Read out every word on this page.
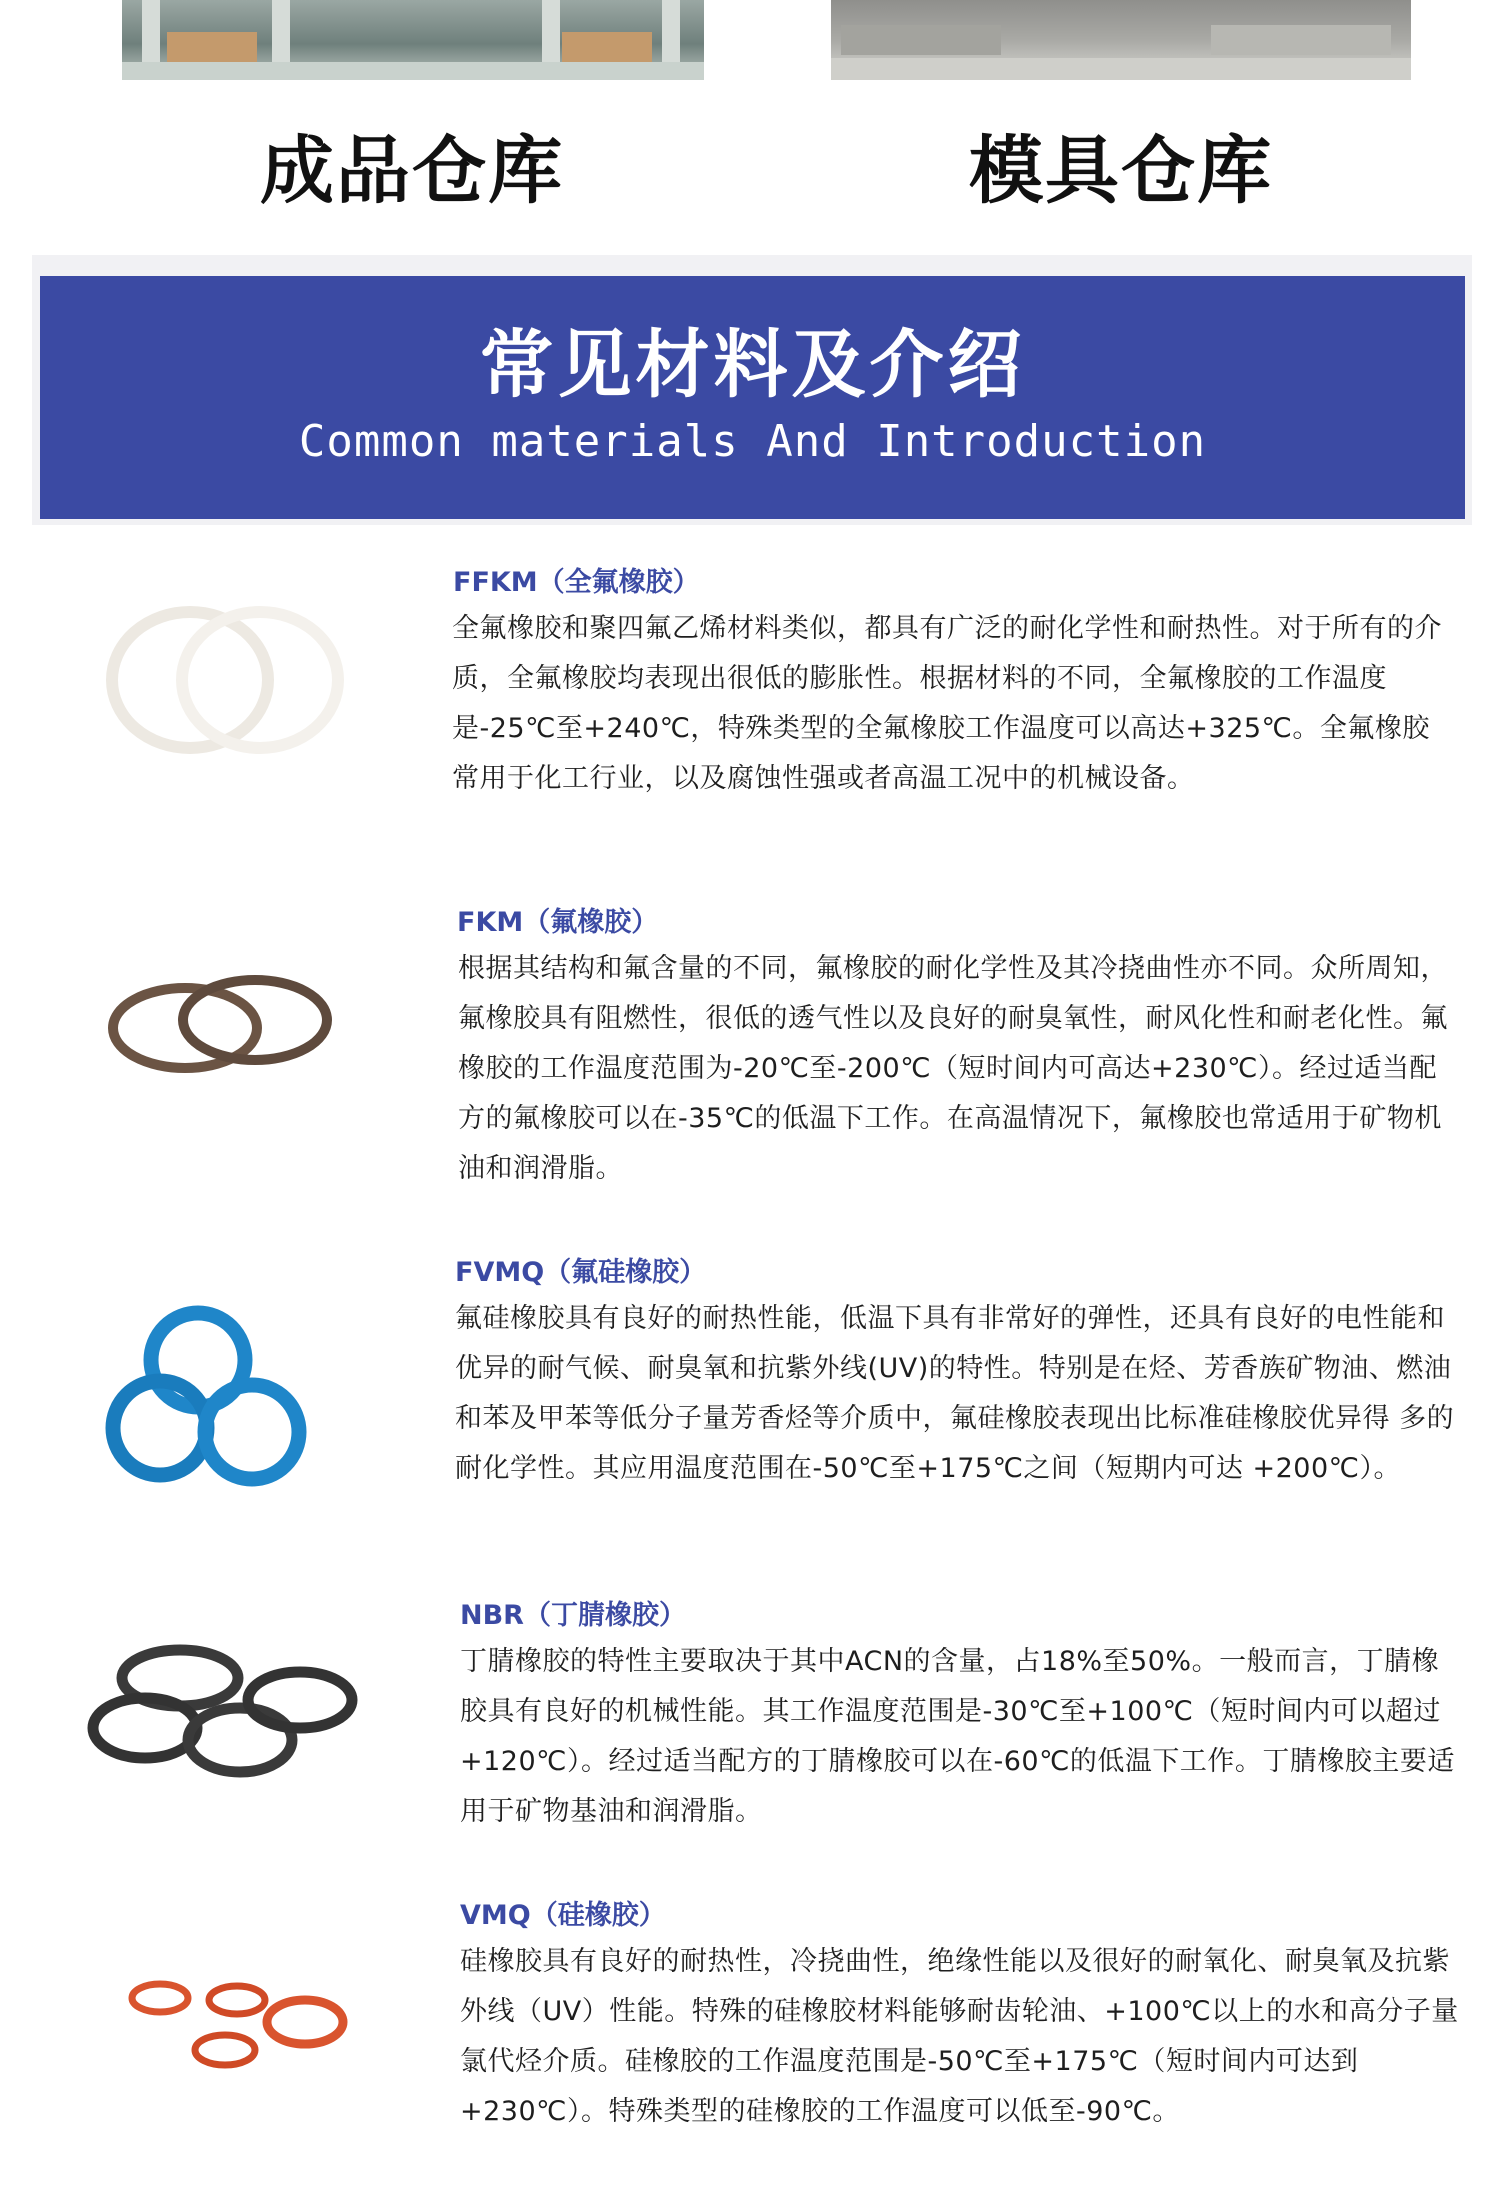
成品仓库	模具仓库
常见材料及介绍
Common materials And Introduction
FFKM（全氟橡胶）
全氟橡胶和聚四氟乙烯材料类似，都具有广泛的耐化学性和耐热性。对于所有的介质，全氟橡胶均表现出很低的膨胀性。根据材料的不同，全氟橡胶的工作温度是-25℃至+240℃，特殊类型的全氟橡胶工作温度可以高达+325℃。全氟橡胶常用于化工行业，以及腐蚀性强或者高温工况中的机械设备。
FKM（氟橡胶）
根据其结构和氟含量的不同，氟橡胶的耐化学性及其冷挠曲性亦不同。众所周知，氟橡胶具有阻燃性，很低的透气性以及良好的耐臭氧性，耐风化性和耐老化性。氟橡胶的工作温度范围为-20℃至-200℃（短时间内可高达+230℃）。经过适当配方的氟橡胶可以在-35℃的低温下工作。在高温情况下，氟橡胶也常适用于矿物机油和润滑脂。
FVMQ（氟硅橡胶）
氟硅橡胶具有良好的耐热性能，低温下具有非常好的弹性，还具有良好的电性能和优异的耐气候、耐臭氧和抗紫外线(UV)的特性。特别是在烃、芳香族矿物油、燃油和苯及甲苯等低分子量芳香烃等介质中，氟硅橡胶表现出比标准硅橡胶优异得 多的耐化学性。其应用温度范围在-50℃至+175℃之间（短期内可达 +200℃）。
NBR（丁腈橡胶）
丁腈橡胶的特性主要取决于其中ACN的含量，占18%至50%。一般而言，丁腈橡胶具有良好的机械性能。其工作温度范围是-30℃至+100℃（短时间内可以超过+120℃）。经过适当配方的丁腈橡胶可以在-60℃的低温下工作。丁腈橡胶主要适用于矿物基油和润滑脂。
VMQ（硅橡胶）
硅橡胶具有良好的耐热性，冷挠曲性，绝缘性能以及很好的耐氧化、耐臭氧及抗紫外线（UV）性能。特殊的硅橡胶材料能够耐齿轮油、+100℃以上的水和高分子量氯代烃介质。硅橡胶的工作温度范围是-50℃至+175℃（短时间内可达到+230℃）。特殊类型的硅橡胶的工作温度可以低至-90℃。
